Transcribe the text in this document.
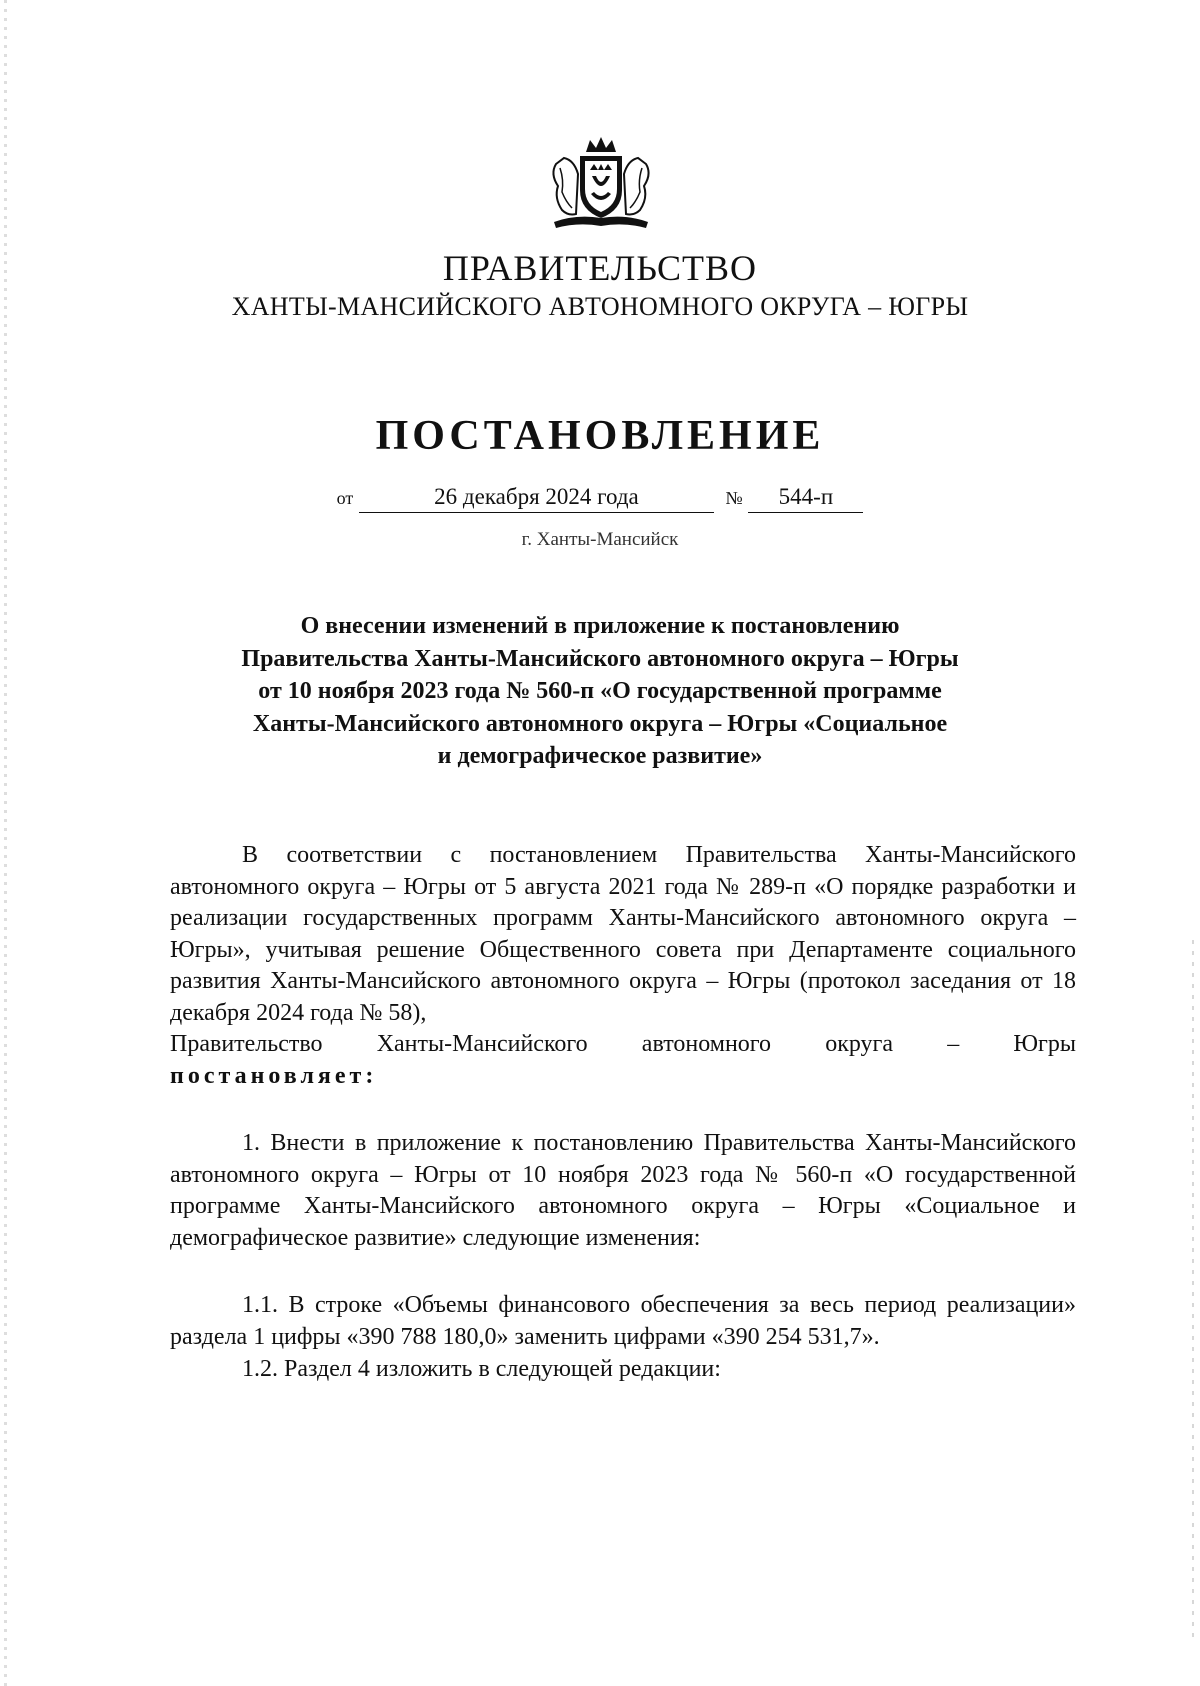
ПРАВИТЕЛЬСТВО
ХАНТЫ-МАНСИЙСКОГО АВТОНОМНОГО ОКРУГА – ЮГРЫ
ПОСТАНОВЛЕНИЕ
от	26 декабря 2024 года	№ 544-п
г. Ханты-Мансийск
О внесении изменений в приложение к постановлению
Правительства Ханты-Мансийского автономного округа – Югры
от 10 ноября 2023 года № 560-п «О государственной программе
Ханты-Мансийского автономного округа – Югры «Социальное
и демографическое развитие»

В соответствии с постановлением Правительства Ханты-Мансийского автономного округа – Югры от 5 августа 2021 года № 289-п «О порядке разработки и реализации государственных программ Ханты-Мансийского автономного округа – Югры», учитывая решение Общественного совета при Департаменте социального развития Ханты-Мансийского автономного округа – Югры (протокол заседания от 18 декабря 2024 года № 58),

Правительство Ханты-Мансийского автономного округа – Югры

постановляет:

1. Внести в приложение к постановлению Правительства Ханты-Мансийского автономного округа – Югры от 10 ноября 2023 года № 560-п «О государственной программе Ханты-Мансийского автономного округа – Югры «Социальное и демографическое развитие» следующие изменения:

1.1. В строке «Объемы финансового обеспечения за весь период реализации» раздела 1 цифры «390 788 180,0» заменить цифрами «390 254 531,7».

1.2. Раздел 4 изложить в следующей редакции:
